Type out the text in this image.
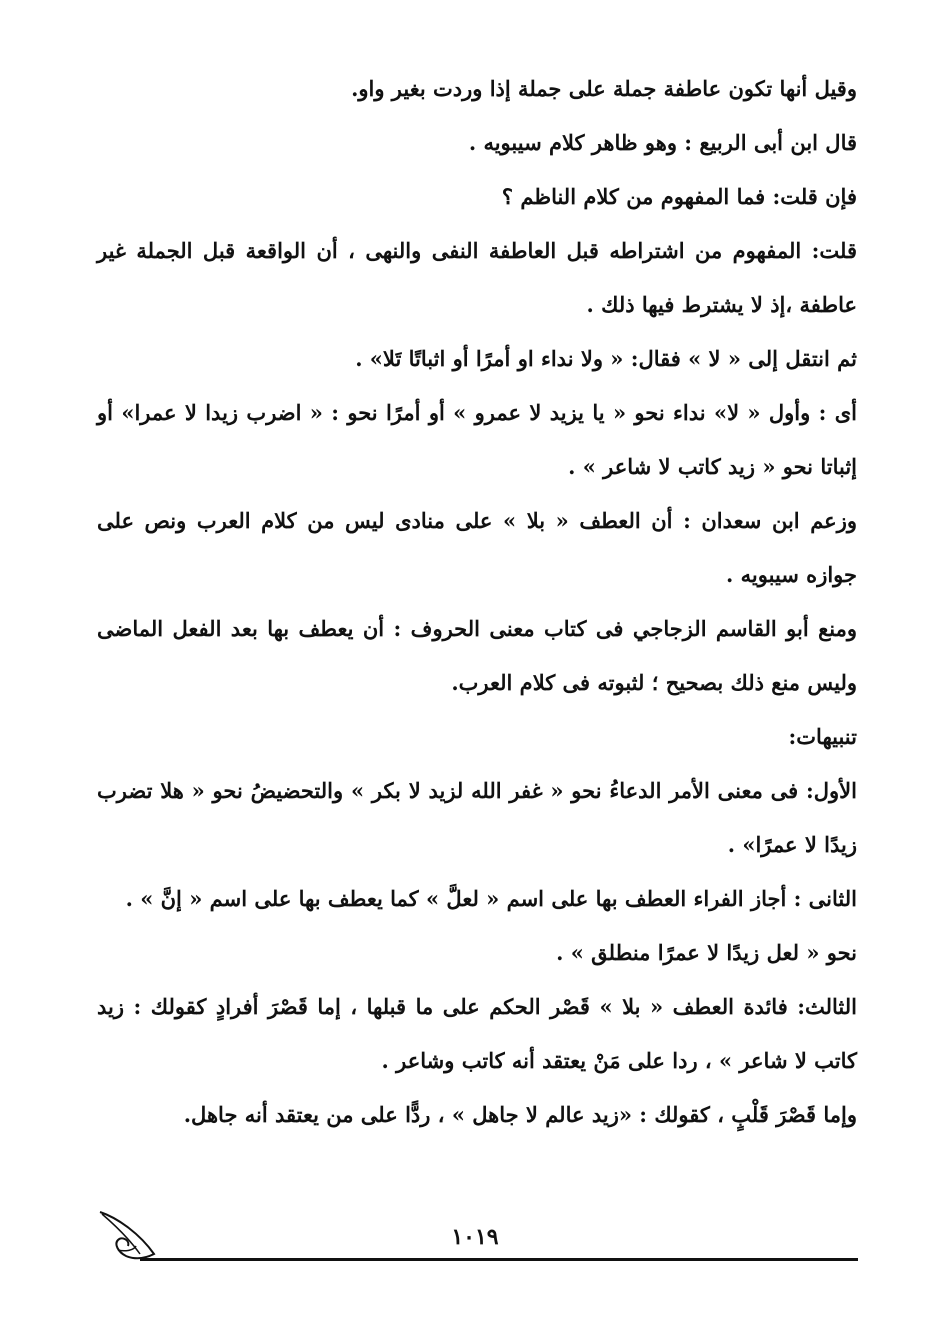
وقيل أنها تكون عاطفة جملة على جملة إذا وردت بغير واو.

قال ابن أبى الربيع : وهو ظاهر كلام سيبويه .

فإن قلت: فما المفهوم من كلام الناظم ؟

قلت: المفهوم من اشتراطه قبل العاطفة النفى والنهى ، أن الواقعة قبل الجملة غير عاطفة ،إذ لا يشترط فيها ذلك .

ثم انتقل إلى « لا » فقال: « ولا نداء او أمرًا أو اثباتًا تَلا» .

أى : وأول « لا» نداء نحو « يا يزيد لا عمرو » أو أمرًا نحو : « اضرب زيدا لا عمرا» أو إثباتا نحو « زيد كاتب لا شاعر » .

وزعم ابن سعدان : أن العطف « بلا » على منادى ليس من كلام العرب ونص على جوازه سيبويه .

ومنع أبو القاسم الزجاجي فى كتاب معنى الحروف : أن يعطف بها بعد الفعل الماضى وليس منع ذلك بصحيح ؛ لثبوته فى كلام العرب.

تنبيهات:

الأول: فى معنى الأمر الدعاءُ نحو « غفر الله لزيد لا بكر » والتحضيضُ نحو « هلا تضرب زيدًا لا عمرًا» .

الثانى : أجاز الفراء العطف بها على اسم « لعلَّ » كما يعطف بها على اسم « إنَّ » .

نحو « لعل زيدًا لا عمرًا منطلق » .

الثالث: فائدة العطف « بلا » قَصْر الحكم على ما قبلها ، إما قَصْرَ أفرادٍ كقولك : زيد كاتب لا شاعر » ، ردا على مَنْ يعتقد أنه كاتب وشاعر .

وإما قَصْرَ قَلْبٍ ، كقولك : «زيد عالم لا جاهل » ، ردًّا على من يعتقد أنه جاهل.

١٠١٩
